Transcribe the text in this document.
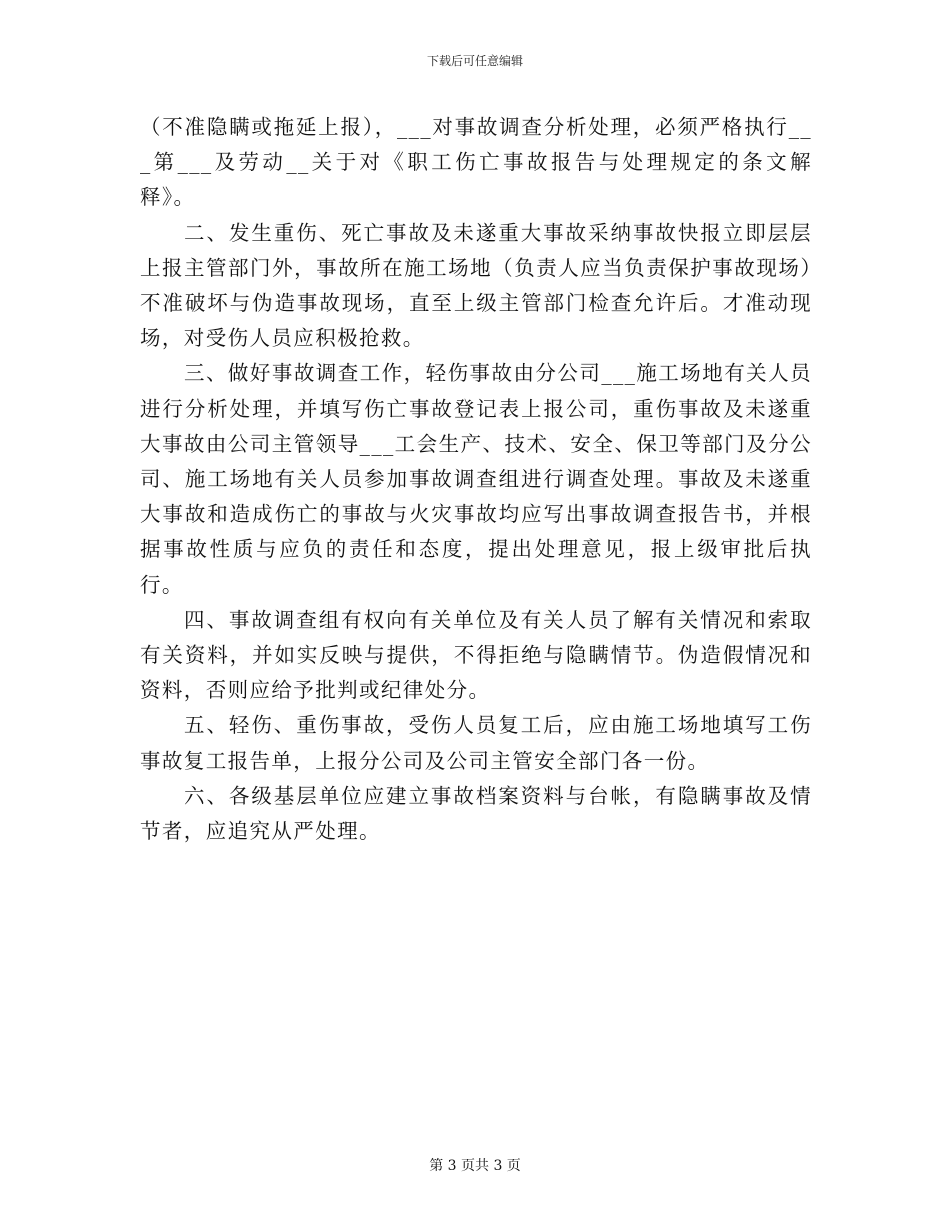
下载后可任意编辑

（不准隐瞒或拖延上报），___对事故调查分析处理，必须严格执行___第___及劳动__关于对《职工伤亡事故报告与处理规定的条文解释》。

二、发生重伤、死亡事故及未遂重大事故采纳事故快报立即层层上报主管部门外，事故所在施工场地（负责人应当负责保护事故现场）不准破坏与伪造事故现场，直至上级主管部门检查允许后。才准动现场，对受伤人员应积极抢救。

三、做好事故调查工作，轻伤事故由分公司___施工场地有关人员进行分析处理，并填写伤亡事故登记表上报公司，重伤事故及未遂重大事故由公司主管领导___工会生产、技术、安全、保卫等部门及分公司、施工场地有关人员参加事故调查组进行调查处理。事故及未遂重大事故和造成伤亡的事故与火灾事故均应写出事故调查报告书，并根据事故性质与应负的责任和态度，提出处理意见，报上级审批后执行。

四、事故调查组有权向有关单位及有关人员了解有关情况和索取有关资料，并如实反映与提供，不得拒绝与隐瞒情节。伪造假情况和资料，否则应给予批判或纪律处分。

五、轻伤、重伤事故，受伤人员复工后，应由施工场地填写工伤事故复工报告单，上报分公司及公司主管安全部门各一份。

六、各级基层单位应建立事故档案资料与台帐，有隐瞒事故及情节者，应追究从严处理。

第 3 页共 3 页
